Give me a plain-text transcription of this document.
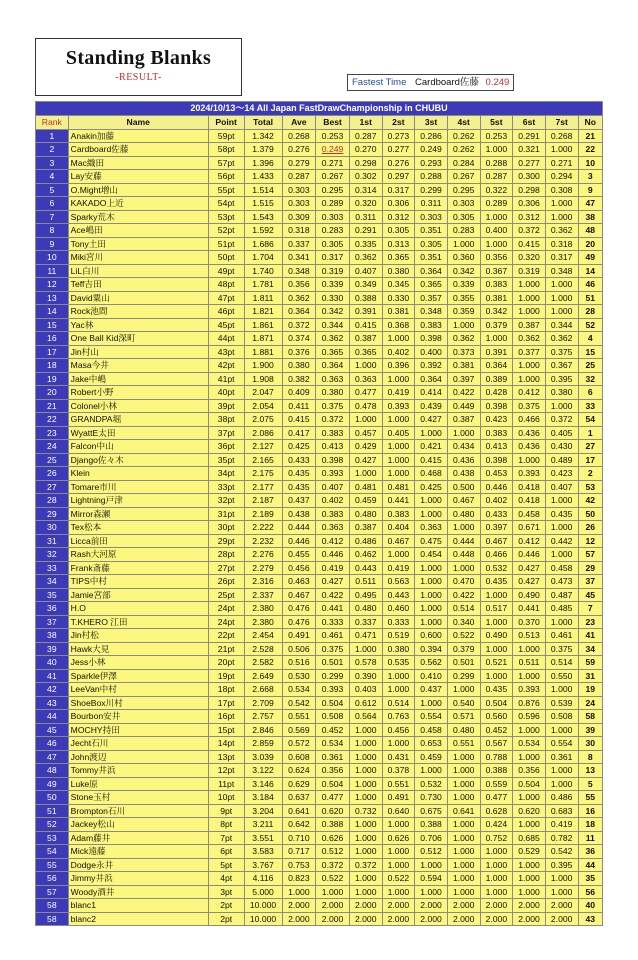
Standing Blanks
-RESULT-	Fastest Time Cardboard佐藤 0.249
2024/10/13～14 All Japan FastDrawChampionship in CHUBU													
Rank	Name	Point	Total	Ave	Best	1st	2st	3st	4st	5st	6st	7st	No
1	Anakin加藤	59pt	1.342	0.268	0.253	0.287	0.273	0.286	0.262	0.253	0.291	0.268	21
2	Cardboard佐藤	58pt	1.379	0.276	0.249	0.270	0.277	0.249	0.262	1.000	0.321	1.000	22
3	Mac織田	57pt	1.396	0.279	0.271	0.298	0.276	0.293	0.284	0.288	0.277	0.271	10
4	Lay安藤	56pt	1.433	0.287	0.267	0.302	0.297	0.288	0.267	0.287	0.300	0.294	3
5	O.Might増山	55pt	1.514	0.303	0.295	0.314	0.317	0.299	0.295	0.322	0.298	0.308	9
6	KAKADO上近	54pt	1.515	0.303	0.289	0.320	0.306	0.311	0.303	0.289	0.306	1.000	47
7	Sparky荒木	53pt	1.543	0.309	0.303	0.311	0.312	0.303	0.305	1.000	0.312	1.000	38
8	Ace嶋田	52pt	1.592	0.318	0.283	0.291	0.305	0.351	0.283	0.400	0.372	0.362	48
9	Tony土田	51pt	1.686	0.337	0.305	0.335	0.313	0.305	1.000	1.000	0.415	0.318	20
10	Miki宮川	50pt	1.704	0.341	0.317	0.362	0.365	0.351	0.360	0.356	0.320	0.317	49
11	LiL白川	49pt	1.740	0.348	0.319	0.407	0.380	0.364	0.342	0.367	0.319	0.348	14
12	Teff吉田	48pt	1.781	0.356	0.339	0.349	0.345	0.365	0.339	0.383	1.000	1.000	46
13	David粟山	47pt	1.811	0.362	0.330	0.388	0.330	0.357	0.355	0.381	1.000	1.000	51
14	Rock池間	46pt	1.821	0.364	0.342	0.391	0.381	0.348	0.359	0.342	1.000	1.000	28
15	Yac林	45pt	1.861	0.372	0.344	0.415	0.368	0.383	1.000	0.379	0.387	0.344	52
16	One Ball Kid深町	44pt	1.871	0.374	0.362	0.387	1.000	0.398	0.362	1.000	0.362	0.362	4
17	Jin村山	43pt	1.881	0.376	0.365	0.365	0.402	0.400	0.373	0.391	0.377	0.375	15
18	Masa今井	42pt	1.900	0.380	0.364	1.000	0.396	0.392	0.381	0.364	1.000	0.367	25
19	Jake中嶋	41pt	1.908	0.382	0.363	0.363	1.000	0.364	0.397	0.389	1.000	0.395	32
20	Robert小野	40pt	2.047	0.409	0.380	0.477	0.419	0.414	0.422	0.428	0.412	0.380	6
21	Colonel小林	39pt	2.054	0.411	0.375	0.478	0.393	0.439	0.449	0.398	0.375	1.000	33
22	GRANDPA堀	38pt	2.075	0.415	0.372	1.000	1.000	0.427	0.387	0.423	0.466	0.372	54
23	WyattE太田	37pt	2.086	0.417	0.383	0.457	0.405	1.000	1.000	0.383	0.436	0.405	1
24	Falcon中山	36pt	2.127	0.425	0.413	0.429	1.000	0.421	0.434	0.413	0.436	0.430	27
25	Django佐々木	35pt	2.165	0.433	0.398	0.427	1.000	0.415	0.436	0.398	1.000	0.489	17
26	Klein	34pt	2.175	0.435	0.393	1.000	1.000	0.468	0.438	0.453	0.393	0.423	2
27	Tomare市川	33pt	2.177	0.435	0.407	0.481	0.481	0.425	0.500	0.446	0.418	0.407	53
28	Lightning戸津	32pt	2.187	0.437	0.402	0.459	0.441	1.000	0.467	0.402	0.418	1.000	42
29	Mirror森瀬	31pt	2.189	0.438	0.383	0.480	0.383	1.000	0.480	0.433	0.458	0.435	50
30	Tex松本	30pt	2.222	0.444	0.363	0.387	0.404	0.363	1.000	0.397	0.671	1.000	26
31	Licca前田	29pt	2.232	0.446	0.412	0.486	0.467	0.475	0.444	0.467	0.412	0.442	12
32	Rash大河原	28pt	2.276	0.455	0.446	0.462	1.000	0.454	0.448	0.466	0.446	1.000	57
33	Frank斎藤	27pt	2.279	0.456	0.419	0.443	0.419	1.000	1.000	0.532	0.427	0.458	29
34	TIPS中村	26pt	2.316	0.463	0.427	0.511	0.563	1.000	0.470	0.435	0.427	0.473	37
35	Jamie宮部	25pt	2.337	0.467	0.422	0.495	0.443	1.000	0.422	1.000	0.490	0.487	45
36	H.O	24pt	2.380	0.476	0.441	0.480	0.460	1.000	0.514	0.517	0.441	0.485	7
37	T.KHERO 江田	24pt	2.380	0.476	0.333	0.337	0.333	1.000	0.340	1.000	0.370	1.000	23
38	Jin村松	22pt	2.454	0.491	0.461	0.471	0.519	0.600	0.522	0.490	0.513	0.461	41
39	Hawk大見	21pt	2.528	0.506	0.375	1.000	0.380	0.394	0.379	1.000	1.000	0.375	34
40	Jess小林	20pt	2.582	0.516	0.501	0.578	0.535	0.562	0.501	0.521	0.511	0.514	59
41	Sparkle伊澤	19pt	2.649	0.530	0.299	0.390	1.000	0.410	0.299	1.000	1.000	0.550	31
42	LeeVan中村	18pt	2.668	0.534	0.393	0.403	1.000	0.437	1.000	0.435	0.393	1.000	19
43	ShoeBox川村	17pt	2.709	0.542	0.504	0.612	0.514	1.000	0.540	0.504	0.876	0.539	24
44	Bourbon安井	16pt	2.757	0.551	0.508	0.564	0.763	0.554	0.571	0.560	0.596	0.508	58
45	MOCHY持田	15pt	2.846	0.569	0.452	1.000	0.456	0.458	0.480	0.452	1.000	1.000	39
46	Jecht石川	14pt	2.859	0.572	0.534	1.000	1.000	0.653	0.551	0.567	0.534	0.554	30
47	John渡辺	13pt	3.039	0.608	0.361	1.000	0.431	0.459	1.000	0.788	1.000	0.361	8
48	Tommy井浜	12pt	3.122	0.624	0.356	1.000	0.378	1.000	1.000	0.388	0.356	1.000	13
49	Luke原	11pt	3.146	0.629	0.504	1.000	0.551	0.532	1.000	0.559	0.504	1.000	5
50	Stone玉村	10pt	3.184	0.637	0.477	1.000	0.491	0.730	1.000	0.477	1.000	0.486	55
51	Brompton石川	9pt	3.204	0.641	0.620	0.732	0.640	0.675	0.641	0.628	0.620	0.683	16
52	Jackey松山	8pt	3.211	0.642	0.388	1.000	1.000	0.388	1.000	0.424	1.000	0.419	18
53	Adam藤井	7pt	3.551	0.710	0.626	1.000	0.626	0.706	1.000	0.752	0.685	0.782	11
54	Mick遠藤	6pt	3.583	0.717	0.512	1.000	1.000	0.512	1.000	1.000	0.529	0.542	36
55	Dodge永井	5pt	3.767	0.753	0.372	0.372	1.000	1.000	1.000	1.000	1.000	0.395	44
56	Jimmy井浜	4pt	4.116	0.823	0.522	1.000	0.522	0.594	1.000	1.000	1.000	1.000	35
57	Woody酒井	3pt	5.000	1.000	1.000	1.000	1.000	1.000	1.000	1.000	1.000	1.000	56
58	blanc1	2pt	10.000	2.000	2.000	2.000	2.000	2.000	2.000	2.000	2.000	2.000	40
58	blanc2	2pt	10.000	2.000	2.000	2.000	2.000	2.000	2.000	2.000	2.000	2.000	43
